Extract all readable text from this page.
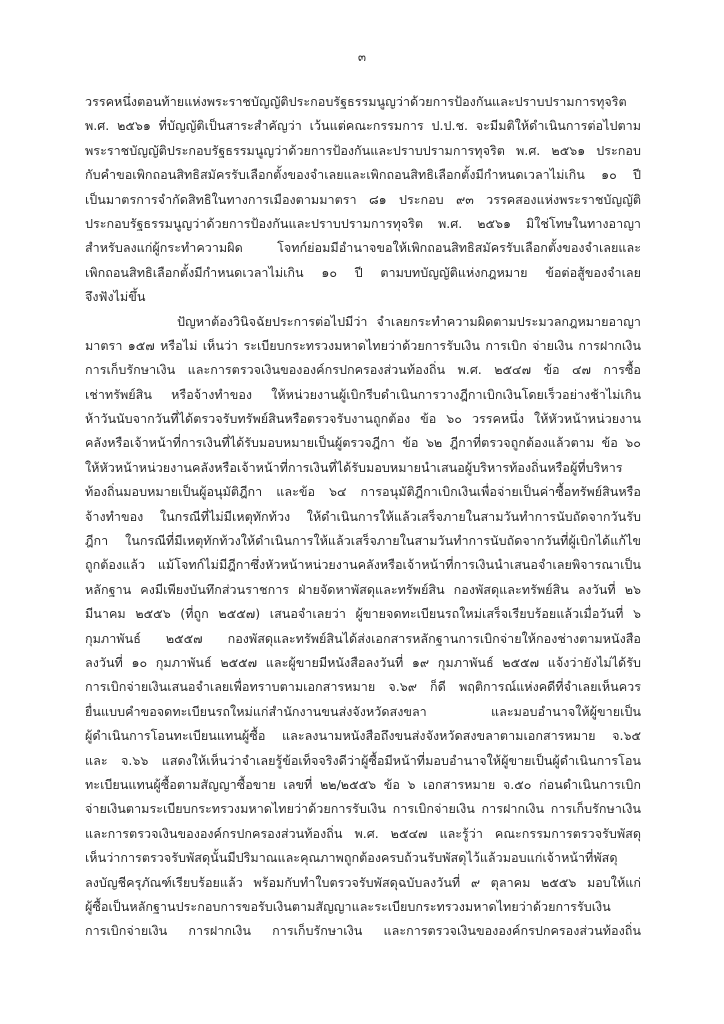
๓
วรรคหนึ่งตอนท้ายแห่งพระราชบัญญัติประกอบรัฐธรรมนูญว่าด้วยการป้องกันและปราบปรามการทุจริต
พ.ศ. ๒๕๖๑ ที่บัญญัติเป็นสาระสำคัญว่า เว้นแต่คณะกรรมการ ป.ป.ช. จะมีมติให้ดำเนินการต่อไปตาม
พระราชบัญญัติประกอบรัฐธรรมนูญว่าด้วยการป้องกันและปราบปรามการทุจริต พ.ศ. ๒๕๖๑ ประกอบ
กับคำขอเพิกถอนสิทธิสมัครรับเลือกตั้งของจำเลยและเพิกถอนสิทธิเลือกตั้งมีกำหนดเวลาไม่เกิน ๑๐ ปี
เป็นมาตรการจำกัดสิทธิในทางการเมืองตามมาตรา ๘๑ ประกอบ ๙๓ วรรคสองแห่งพระราชบัญญัติ
ประกอบรัฐธรรมนูญว่าด้วยการป้องกันและปราบปรามการทุจริต พ.ศ. ๒๕๖๑ มิใช่โทษในทางอาญา
สำหรับลงแก่ผู้กระทำความผิด โจทก์ย่อมมีอำนาจขอให้เพิกถอนสิทธิสมัครรับเลือกตั้งของจำเลยและ
เพิกถอนสิทธิเลือกตั้งมีกำหนดเวลาไม่เกิน ๑๐ ปี ตามบทบัญญัติแห่งกฎหมาย ข้อต่อสู้ของจำเลย
จึงฟังไม่ขึ้น
ปัญหาต้องวินิจฉัยประการต่อไปมีว่า จำเลยกระทำความผิดตามประมวลกฎหมายอาญา
มาตรา ๑๕๗ หรือไม่ เห็นว่า ระเบียบกระทรวงมหาดไทยว่าด้วยการรับเงิน การเบิก จ่ายเงิน การฝากเงิน
การเก็บรักษาเงิน และการตรวจเงินขององค์กรปกครองส่วนท้องถิ่น พ.ศ. ๒๕๔๗ ข้อ ๔๗ การซื้อ
เช่าทรัพย์สิน หรือจ้างทำของ ให้หน่วยงานผู้เบิกรีบดำเนินการวางฎีกาเบิกเงินโดยเร็วอย่างช้าไม่เกิน
ห้าวันนับจากวันที่ได้ตรวจรับทรัพย์สินหรือตรวจรับงานถูกต้อง ข้อ ๖๐ วรรคหนึ่ง ให้หัวหน้าหน่วยงาน
คลังหรือเจ้าหน้าที่การเงินที่ได้รับมอบหมายเป็นผู้ตรวจฎีกา ข้อ ๖๒ ฎีกาที่ตรวจถูกต้องแล้วตาม ข้อ ๖๐
ให้หัวหน้าหน่วยงานคลังหรือเจ้าหน้าที่การเงินที่ได้รับมอบหมายนำเสนอผู้บริหารท้องถิ่นหรือผู้ที่บริหาร
ท้องถิ่นมอบหมายเป็นผู้อนุมัติฎีกา และข้อ ๖๔ การอนุมัติฎีกาเบิกเงินเพื่อจ่ายเป็นค่าซื้อทรัพย์สินหรือ
จ้างทำของ ในกรณีที่ไม่มีเหตุทักท้วง ให้ดำเนินการให้แล้วเสร็จภายในสามวันทำการนับถัดจากวันรับ
ฎีกา ในกรณีที่มีเหตุทักท้วงให้ดำเนินการให้แล้วเสร็จภายในสามวันทำการนับถัดจากวันที่ผู้เบิกได้แก้ไข
ถูกต้องแล้ว แม้โจทก์ไม่มีฎีกาซึ่งหัวหน้าหน่วยงานคลังหรือเจ้าหน้าที่การเงินนำเสนอจำเลยพิจารณาเป็น
หลักฐาน คงมีเพียงบันทึกส่วนราชการ ฝ่ายจัดหาพัสดุและทรัพย์สิน กองพัสดุและทรัพย์สิน ลงวันที่ ๒๖
มีนาคม ๒๕๕๖ (ที่ถูก ๒๕๕๗) เสนอจำเลยว่า ผู้ขายจดทะเบียนรถใหม่เสร็จเรียบร้อยแล้วเมื่อวันที่ ๖
กุมภาพันธ์ ๒๕๕๗ กองพัสดุและทรัพย์สินได้ส่งเอกสารหลักฐานการเบิกจ่ายให้กองช่างตามหนังสือ
ลงวันที่ ๑๐ กุมภาพันธ์ ๒๕๕๗ และผู้ขายมีหนังสือลงวันที่ ๑๙ กุมภาพันธ์ ๒๕๕๗ แจ้งว่ายังไม่ได้รับ
การเบิกจ่ายเงินเสนอจำเลยเพื่อทราบตามเอกสารหมาย จ.๖๙ ก็ดี พฤติการณ์แห่งคดีที่จำเลยเห็นควร
ยื่นแบบคำขอจดทะเบียนรถใหม่แก่สำนักงานขนส่งจังหวัดสงขลา และมอบอำนาจให้ผู้ขายเป็น
ผู้ดำเนินการโอนทะเบียนแทนผู้ซื้อ และลงนามหนังสือถึงขนส่งจังหวัดสงขลาตามเอกสารหมาย จ.๖๕
และ จ.๖๖ แสดงให้เห็นว่าจำเลยรู้ข้อเท็จจริงดีว่าผู้ซื้อมีหน้าที่มอบอำนาจให้ผู้ขายเป็นผู้ดำเนินการโอน
ทะเบียนแทนผู้ซื้อตามสัญญาซื้อขาย เลขที่ ๒๒/๒๕๕๖ ข้อ ๖ เอกสารหมาย จ.๕๐ ก่อนดำเนินการเบิก
จ่ายเงินตามระเบียบกระทรวงมหาดไทยว่าด้วยการรับเงิน การเบิกจ่ายเงิน การฝากเงิน การเก็บรักษาเงิน
และการตรวจเงินขององค์กรปกครองส่วนท้องถิ่น พ.ศ. ๒๕๔๗ และรู้ว่า คณะกรรมการตรวจรับพัสดุ
เห็นว่าการตรวจรับพัสดุนั้นมีปริมาณและคุณภาพถูกต้องครบถ้วนรับพัสดุไว้แล้วมอบแก่เจ้าหน้าที่พัสดุ
ลงบัญชีครุภัณฑ์เรียบร้อยแล้ว พร้อมกับทำใบตรวจรับพัสดุฉบับลงวันที่ ๙ ตุลาคม ๒๕๕๖ มอบให้แก่
ผู้ซื้อเป็นหลักฐานประกอบการขอรับเงินตามสัญญาและระเบียบกระทรวงมหาดไทยว่าด้วยการรับเงิน
การเบิกจ่ายเงิน การฝากเงิน การเก็บรักษาเงิน และการตรวจเงินขององค์กรปกครองส่วนท้องถิ่น
